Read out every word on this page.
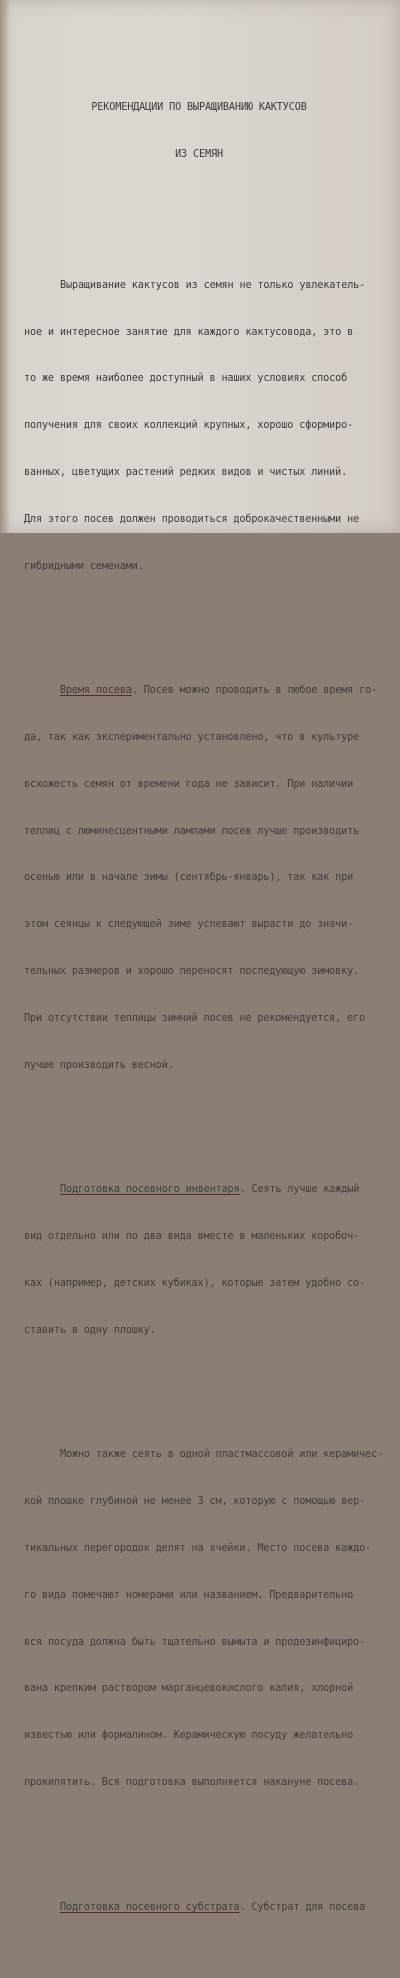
РЕКОМЕНДАЦИИ ПО ВЫРАЩИВАНИЮ КАКТУСОВ

ИЗ СЕМЯН

Выращивание кактусов из семян не только увлекатель-

ное и интересное занятие для каждого кактусовода, это в

то же время наиболее доступный в наших условиях способ

получения для своих коллекций крупных, хорошо сформиро-

ванных, цветущих растений редких видов и чистых линий.

Для этого посев должен проводиться доброкачественными не

гибридными семенами.

Время посева. Посев можно проводить в любое время го-

да, так как экспериментально установлено, что в культуре

всхожесть семян от времени года не зависит. При наличии

теплиц с люминесцентными лампами посев лучше производить

осенью или в начале зимы (сентябрь-январь), так как при

этом сеянцы к следующей зиме успевают вырасти до значи-

тельных размеров и хорошо переносят последующую зимовку.

При отсутствии теплицы зимний посев не рекомендуется, его

лучше производить весной.

Подготовка посевного инвентаря. Сеять лучше каждый

вид отдельно или по два вида вместе в маленьких коробоч-

ках (например, детских кубиках), которые затем удобно со-

ставить в одну плошку.

Можно также сеять в одной пластмассовой или керамичес-

кой плошке глубиной не менее 3 см, которую с помощью вер-

тикальных перегородок делят на ячейки. Место посева каждо-

го вида помечают номерами или названием. Предварительно

вся посуда должна быть тщательно вымыта и продезинфициро-

вана крепким раствором марганцевокислого калия, хлорной

известью или формалином. Керамическую посуду желательно

прокипятить. Вся подготовка выполняется накануне посева.

Подготовка посевного субстрата. Субстрат для посева
